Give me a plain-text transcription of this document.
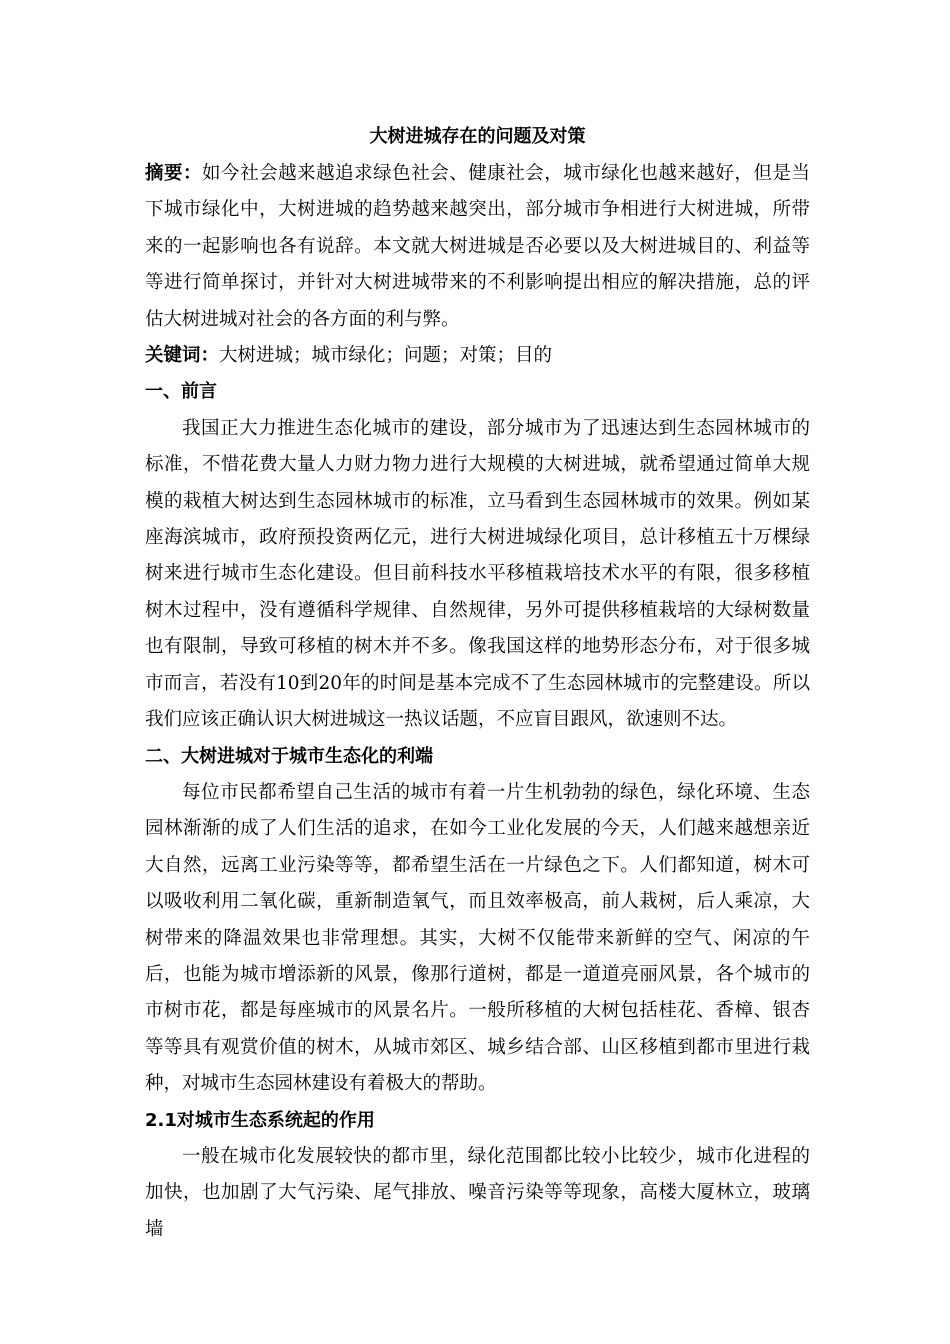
大树进城存在的问题及对策

摘要：如今社会越来越追求绿色社会、健康社会，城市绿化也越来越好，但是当下城市绿化中，大树进城的趋势越来越突出，部分城市争相进行大树进城，所带来的一起影响也各有说辞。本文就大树进城是否必要以及大树进城目的、利益等等进行简单探讨，并针对大树进城带来的不利影响提出相应的解决措施，总的评估大树进城对社会的各方面的利与弊。

关键词：大树进城；城市绿化；问题；对策；目的

一、前言

我国正大力推进生态化城市的建设，部分城市为了迅速达到生态园林城市的标准，不惜花费大量人力财力物力进行大规模的大树进城，就希望通过简单大规模的栽植大树达到生态园林城市的标准，立马看到生态园林城市的效果。例如某座海滨城市，政府预投资两亿元，进行大树进城绿化项目，总计移植五十万棵绿树来进行城市生态化建设。但目前科技水平移植栽培技术水平的有限，很多移植树木过程中，没有遵循科学规律、自然规律，另外可提供移植栽培的大绿树数量也有限制，导致可移植的树木并不多。像我国这样的地势形态分布，对于很多城市而言，若没有10到20年的时间是基本完成不了生态园林城市的完整建设。所以我们应该正确认识大树进城这一热议话题，不应盲目跟风，欲速则不达。

二、大树进城对于城市生态化的利端

每位市民都希望自己生活的城市有着一片生机勃勃的绿色，绿化环境、生态园林渐渐的成了人们生活的追求，在如今工业化发展的今天，人们越来越想亲近大自然，远离工业污染等等，都希望生活在一片绿色之下。人们都知道，树木可以吸收利用二氧化碳，重新制造氧气，而且效率极高，前人栽树，后人乘凉，大树带来的降温效果也非常理想。其实，大树不仅能带来新鲜的空气、闲凉的午后，也能为城市增添新的风景，像那行道树，都是一道道亮丽风景，各个城市的市树市花，都是每座城市的风景名片。一般所移植的大树包括桂花、香樟、银杏等等具有观赏价值的树木，从城市郊区、城乡结合部、山区移植到都市里进行栽种，对城市生态园林建设有着极大的帮助。

2.1对城市生态系统起的作用

一般在城市化发展较快的都市里，绿化范围都比较小比较少，城市化进程的加快，也加剧了大气污染、尾气排放、噪音污染等等现象，高楼大厦林立，玻璃墙
